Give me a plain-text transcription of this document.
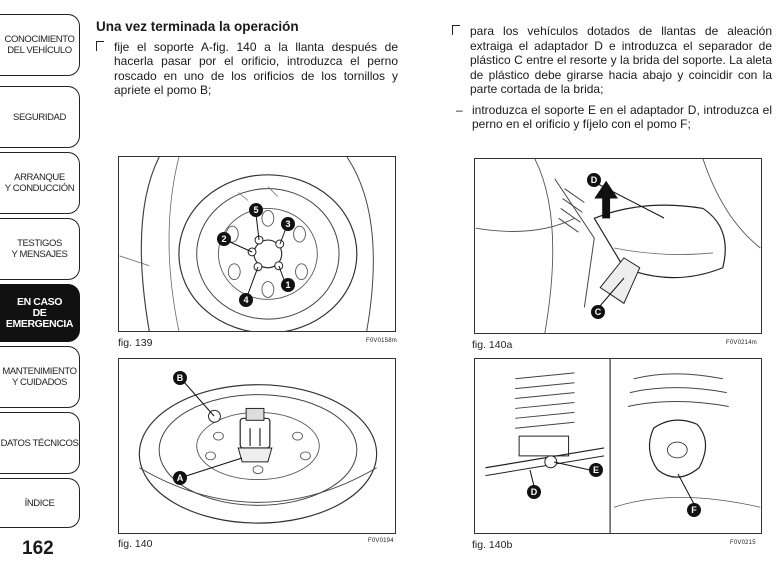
CONOCIMIENTO
DEL VEHÍCULO
SEGURIDAD
ARRANQUE
Y CONDUCCIÓN
TESTIGOS
Y MENSAJES
EN CASO
DE EMERGENCIA
MANTENIMIENTO
Y CUIDADOS
DATOS TÉCNICOS
ÍNDICE
162
Una vez terminada la operación
fije el soporte A-fig. 140 a la llanta después de hacerla pasar por el orificio, introduzca el perno roscado en uno de los orificios de los tornillos y apriete el pomo B;
para los vehículos dotados de llantas de aleación extraiga el adaptador D e introduzca el separador de plástico C entre el resorte y la brida del soporte. La aleta de plástico debe girarse hacia abajo y coincidir con la parte cortada de la brida;
– introduzca el soporte E en el adaptador D, introduzca el perno en el orificio y fíjelo con el pomo F;
5
3
2
4
1
fig. 139	F0V0158m
B
A
fig. 140	F0V0194
D
C
fig. 140a	F0V0214m
E
D
F
fig. 140b	F0V0215
